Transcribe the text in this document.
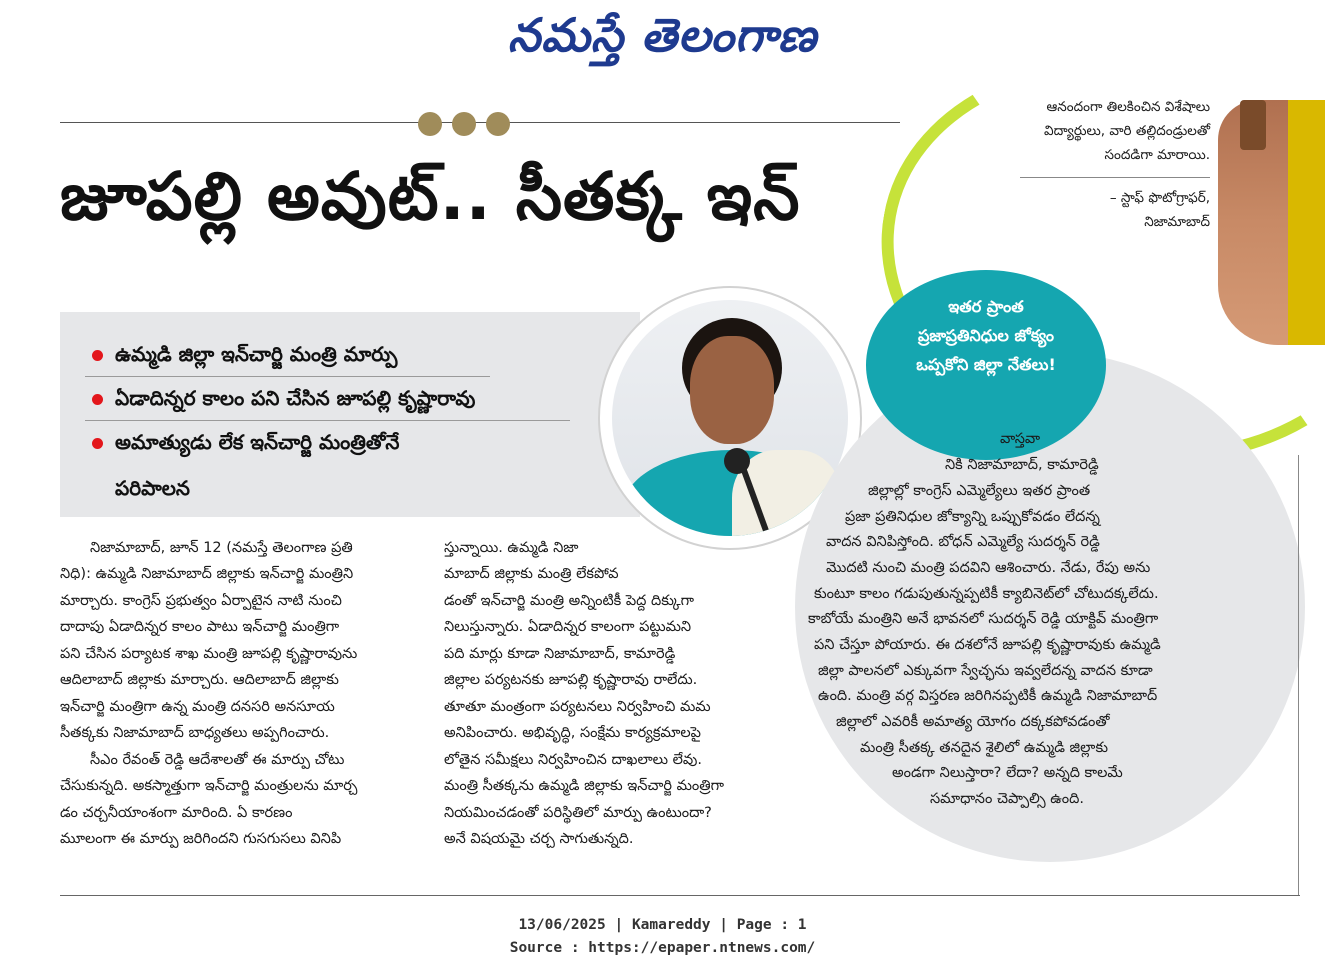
నమస్తే తెలంగాణ
ఆనందంగా తిలకించిన విశేషాలు
విద్యార్థులు, వారి తల్లిదండ్రులతో
సందడిగా మారాయి.
– స్టాఫ్ ఫొటోగ్రాఫర్,
నిజామాబాద్
జూపల్లి అవుట్.. సీతక్క ఇన్
ఉమ్మడి జిల్లా ఇన్‌చార్జి మంత్రి మార్పు
ఏడాదిన్నర కాలం పని చేసిన జూపల్లి కృష్ణారావు
అమాత్యుడు లేక ఇన్‌చార్జి మంత్రితోనే
పరిపాలన
ఇతర ప్రాంత
ప్రజాప్రతినిధుల జోక్యం
ఒప్పకోని జిల్లా నేతలు!
వాస్తవా
నికి నిజామాబాద్, కామారెడ్డి
జిల్లాల్లో కాంగ్రెస్ ఎమ్మెల్యేలు ఇతర ప్రాంత
ప్రజా ప్రతినిధుల జోక్యాన్ని ఒప్పుకోవడం లేదన్న
వాదన వినిపిస్తోంది. బోధన్ ఎమ్మెల్యే సుదర్శన్ రెడ్డి
మొదటి నుంచి మంత్రి పదవిని ఆశించారు. నేడు, రేపు అను
కుంటూ కాలం గడుపుతున్నప్పటికీ క్యాబినెట్‌లో చోటుదక్కలేదు.
కాబోయే మంత్రిని అనే భావనలో సుదర్శన్ రెడ్డి యాక్టివ్ మంత్రిగా
పని చేస్తూ పోయారు. ఈ దశలోనే జూపల్లి కృష్ణారావుకు ఉమ్మడి
జిల్లా పాలనలో ఎక్కువగా స్వేచ్ఛను ఇవ్వలేదన్న వాదన కూడా
ఉంది. మంత్రి వర్గ విస్తరణ జరిగినప్పటికీ ఉమ్మడి నిజామాబాద్
జిల్లాలో ఎవరికీ అమాత్య యోగం దక్కకపోవడంతో
మంత్రి సీతక్క తనదైన శైలిలో ఉమ్మడి జిల్లాకు
అండగా నిలుస్తారా? లేదా? అన్నది కాలమే
సమాధానం చెప్పాల్సి ఉంది.
నిజామాబాద్, జూన్ 12 (నమస్తే తెలంగాణ ప్రతి
నిధి): ఉమ్మడి నిజామాబాద్ జిల్లాకు ఇన్‌చార్జి మంత్రిని
మార్చారు. కాంగ్రెస్ ప్రభుత్వం ఏర్పాటైన నాటి నుంచి
దాదాపు ఏడాదిన్నర కాలం పాటు ఇన్‌చార్జి మంత్రిగా
పని చేసిన పర్యాటక శాఖ మంత్రి జూపల్లి కృష్ణారావును
ఆదిలాబాద్ జిల్లాకు మార్చారు. ఆదిలాబాద్ జిల్లాకు
ఇన్‌చార్జి మంత్రిగా ఉన్న మంత్రి దనసరి అనసూయ
సీతక్కకు నిజామాబాద్ బాధ్యతలు అప్పగించారు.
సీఎం రేవంత్ రెడ్డి ఆదేశాలతో ఈ మార్పు చోటు
చేసుకున్నది. అకస్మాత్తుగా ఇన్‌చార్జి మంత్రులను మార్చ
డం చర్చనీయాంశంగా మారింది. ఏ కారణం
మూలంగా ఈ మార్పు జరిగిందని గుసగుసలు వినిపి
స్తున్నాయి. ఉమ్మడి నిజా
మాబాద్ జిల్లాకు మంత్రి లేకపోవ
డంతో ఇన్‌చార్జి మంత్రి అన్నింటికీ పెద్ద దిక్కుగా
నిలుస్తున్నారు. ఏడాదిన్నర కాలంగా పట్టుమని
పది మార్లు కూడా నిజామాబాద్, కామారెడ్డి
జిల్లాల పర్యటనకు జూపల్లి కృష్ణారావు రాలేదు.
తూతూ మంత్రంగా పర్యటనలు నిర్వహించి మమ
అనిపించారు. అభివృద్ధి, సంక్షేమ కార్యక్రమాలపై
లోతైన సమీక్షలు నిర్వహించిన దాఖలాలు లేవు.
మంత్రి సీతక్కను ఉమ్మడి జిల్లాకు ఇన్‌చార్జి మంత్రిగా
నియమించడంతో పరిస్థితిలో మార్పు ఉంటుందా?
అనే విషయమై చర్చ సాగుతున్నది.
13/06/2025 | Kamareddy | Page : 1
Source : https://epaper.ntnews.com/
